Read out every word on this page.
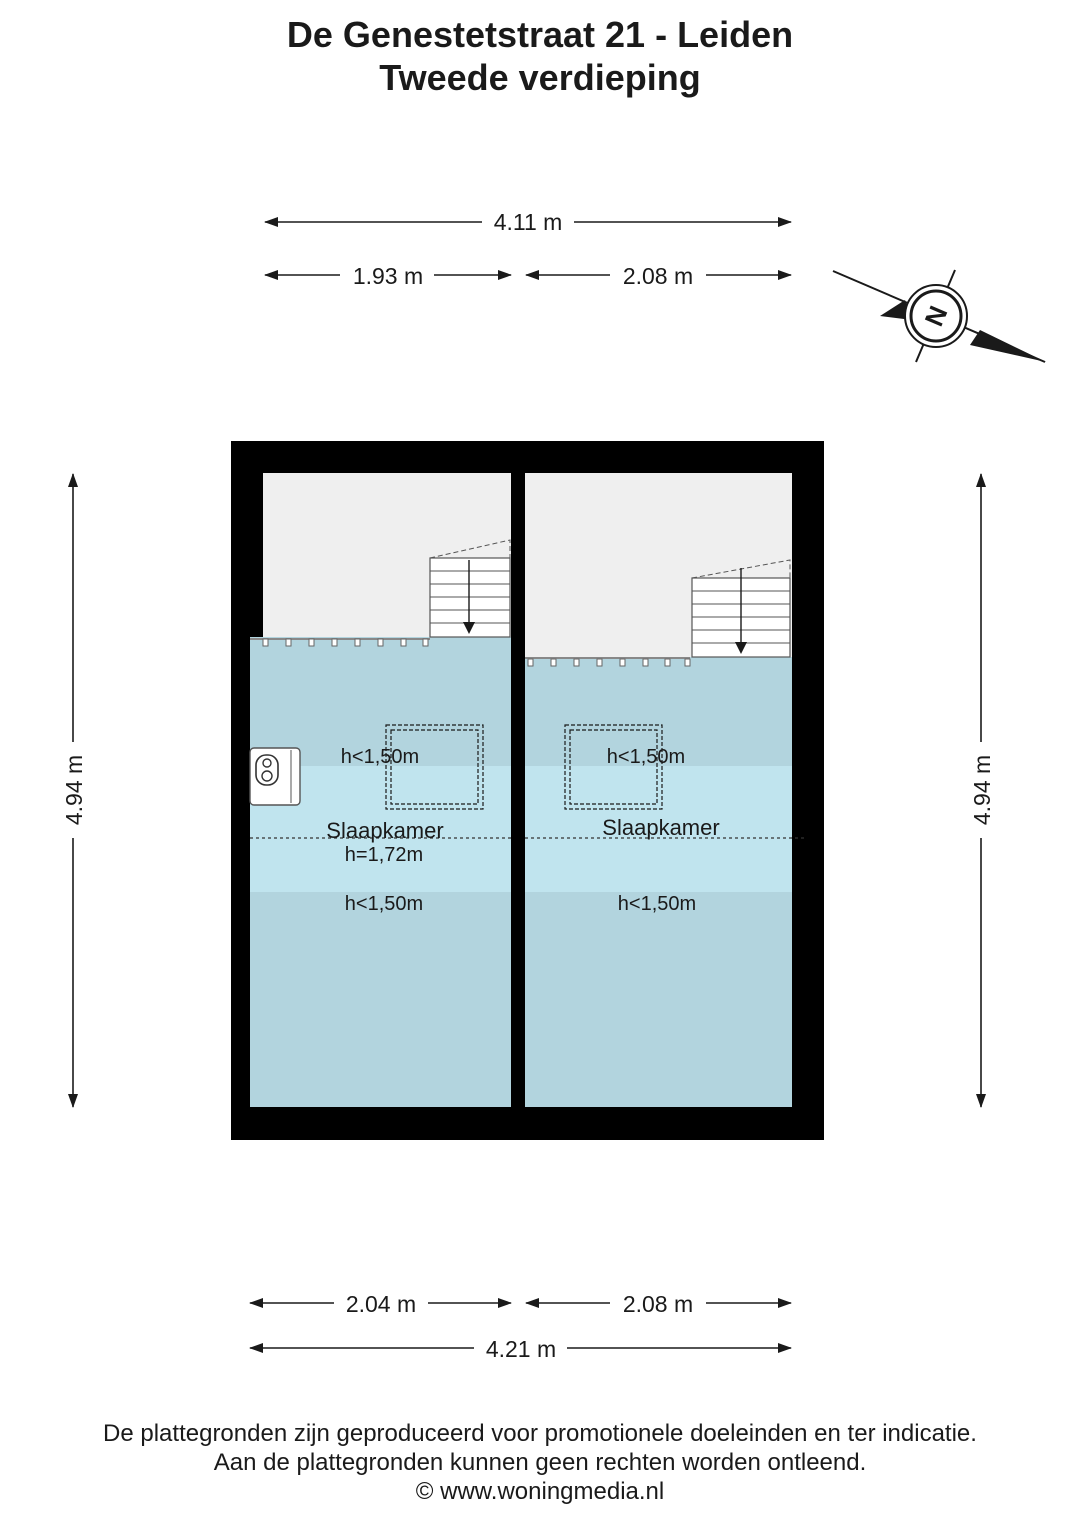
De Genestetstraat 21 - Leiden
Tweede verdieping
4.11 m
1.93 m	2.08 m
N
4.94 m	4.94 m
h<1,50m
Slaapkamer
h=1,72m
h<1,50m
h<1,50m
Slaapkamer
h<1,50m
2.04 m	2.08 m
4.21 m
De plattegronden zijn geproduceerd voor promotionele doeleinden en ter indicatie.
Aan de plattegronden kunnen geen rechten worden ontleend.
© www.woningmedia.nl
